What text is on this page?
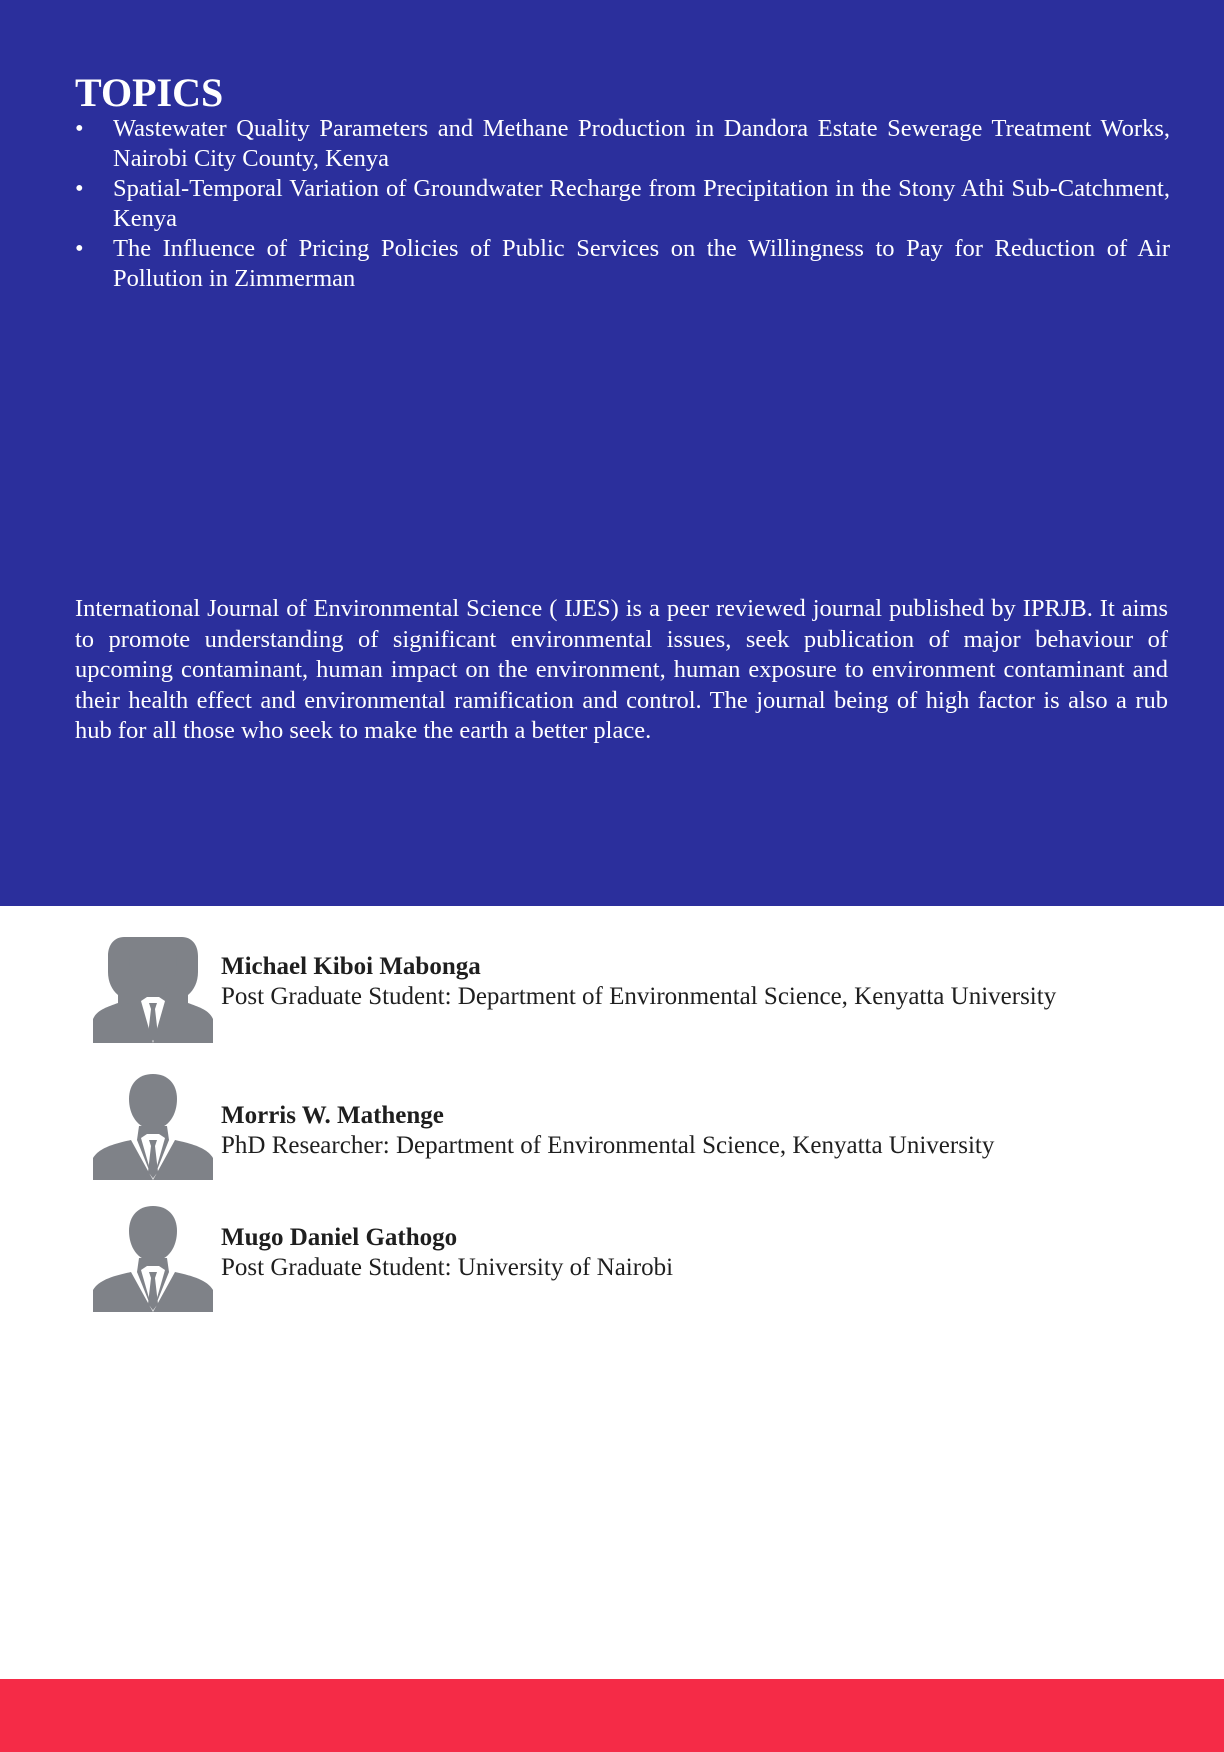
TOPICS
•	Wastewater Quality Parameters and Methane Production in Dandora Estate Sewerage Treatment Works, Nairobi City County, Kenya
•	Spatial-Temporal Variation of Groundwater Recharge from Precipitation in the Stony Athi Sub-Catchment, Kenya
•	The Influence of Pricing Policies of Public Services on the Willingness to Pay for Reduction of Air Pollution in Zimmerman

International Journal of Environmental Science ( IJES) is a peer reviewed journal published by IPRJB. It aims to promote understanding of significant environmental issues, seek publication of major behaviour of upcoming contaminant, human impact on the environment, human exposure to environment contaminant and their health effect and environmental ramification and control. The journal being of high factor is also a rub hub for all those who seek to make the earth a better place.

Michael Kiboi Mabonga
Post Graduate Student: Department of Environmental Science, Kenyatta University
Morris W. Mathenge
PhD Researcher: Department of Environmental Science, Kenyatta University
Mugo Daniel Gathogo
Post Graduate Student: University of Nairobi
